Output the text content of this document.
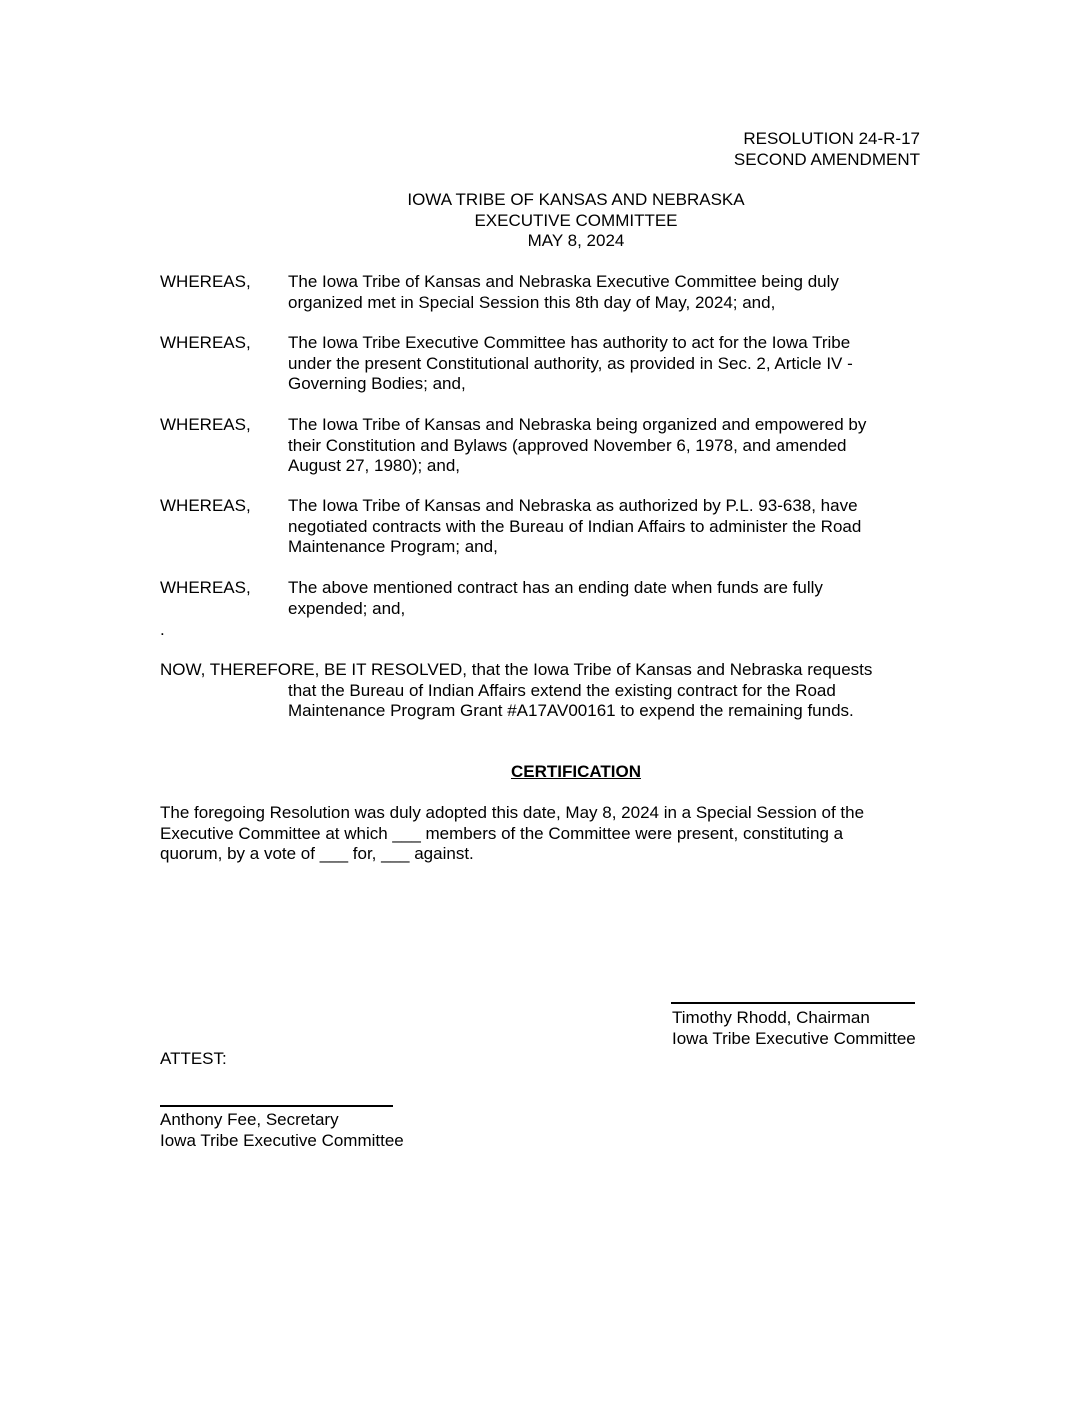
RESOLUTION 24-R-17
SECOND AMENDMENT
IOWA TRIBE OF KANSAS AND NEBRASKA
EXECUTIVE COMMITTEE
MAY 8, 2024
WHEREAS, The Iowa Tribe of Kansas and Nebraska Executive Committee being duly
organized met in Special Session this 8th day of May, 2024; and,
WHEREAS, The Iowa Tribe Executive Committee has authority to act for the Iowa Tribe
under the present Constitutional authority, as provided in Sec. 2, Article IV -
Governing Bodies; and,
WHEREAS, The Iowa Tribe of Kansas and Nebraska being organized and empowered by
their Constitution and Bylaws (approved November 6, 1978, and amended
August 27, 1980); and,
WHEREAS, The Iowa Tribe of Kansas and Nebraska as authorized by P.L. 93-638, have
negotiated contracts with the Bureau of Indian Affairs to administer the Road
Maintenance Program; and,
WHEREAS, The above mentioned contract has an ending date when funds are fully
expended; and,
.
NOW, THEREFORE, BE IT RESOLVED, that the Iowa Tribe of Kansas and Nebraska requests
that the Bureau of Indian Affairs extend the existing contract for the Road
Maintenance Program Grant #A17AV00161 to expend the remaining funds.
CERTIFICATION
The foregoing Resolution was duly adopted this date, May 8, 2024 in a Special Session of the
Executive Committee at which ___ members of the Committee were present, constituting a
quorum, by a vote of ___ for, ___ against.
Timothy Rhodd, Chairman
Iowa Tribe Executive Committee
ATTEST:
Anthony Fee, Secretary
Iowa Tribe Executive Committee
